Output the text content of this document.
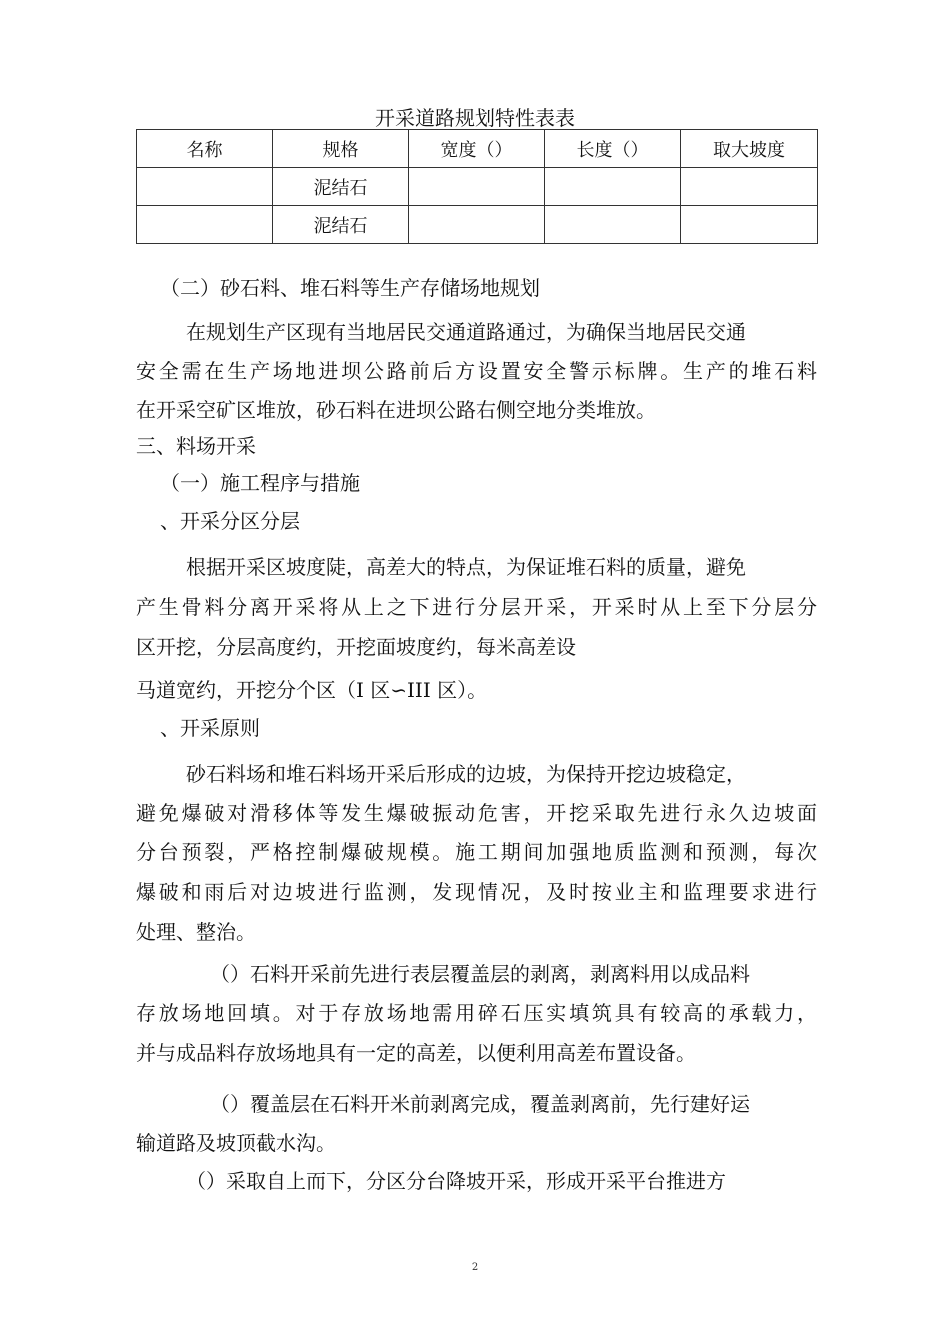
开采道路规划特性表表
名称	规格	宽度（）	长度（）	取大坡度
	泥结石			
	泥结石			
（二）砂石料、堆石料等生产存储场地规划
在规划生产区现有当地居民交通道路通过，为确保当地居民交通
安全需在生产场地进坝公路前后方设置安全警示标牌。生产的堆石料
在开采空矿区堆放，砂石料在进坝公路右侧空地分类堆放。
三、料场开采
（一）施工程序与措施
、开采分区分层
根据开采区坡度陡，高差大的特点，为保证堆石料的质量，避免
产生骨料分离开采将从上之下进行分层开采，开采时从上至下分层分
区开挖，分层高度约，开挖面坡度约，每米高差设
马道宽约，开挖分个区（I 区∽III 区）。
、开采原则
砂石料场和堆石料场开采后形成的边坡，为保持开挖边坡稳定，
避免爆破对滑移体等发生爆破振动危害，开挖采取先进行永久边坡面
分台预裂，严格控制爆破规模。施工期间加强地质监测和预测，每次
爆破和雨后对边坡进行监测，发现情况，及时按业主和监理要求进行
处理、整治。
（）石料开采前先进行表层覆盖层的剥离，剥离料用以成品料
存放场地回填。对于存放场地需用碎石压实填筑具有较高的承载力，
并与成品料存放场地具有一定的高差，以便利用高差布置设备。
（）覆盖层在石料开米前剥离完成，覆盖剥离前，先行建好运
输道路及坡顶截水沟。
（）采取自上而下，分区分台降坡开采，形成开采平台推进方
2
